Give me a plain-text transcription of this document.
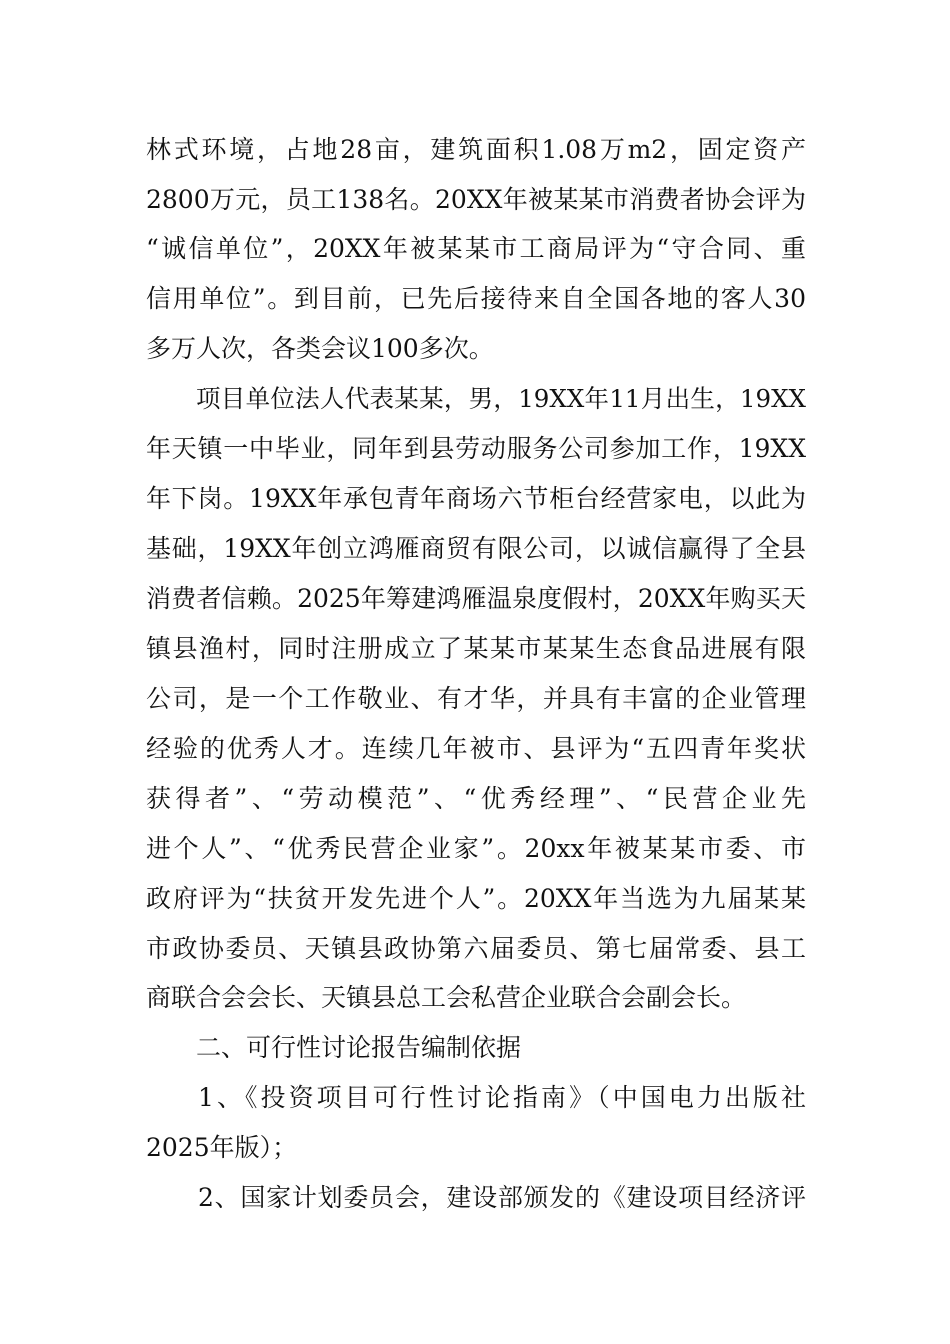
林式环境，占地28亩，建筑面积1.08万m2，固定资产
2800万元，员工138名。20XX年被某某市消费者协会评为
“诚信单位”，20XX年被某某市工商局评为“守合同、重
信用单位”。到目前，已先后接待来自全国各地的客人30
多万人次，各类会议100多次。
项目单位法人代表某某，男，19XX年11月出生，19XX
年天镇一中毕业，同年到县劳动服务公司参加工作，19XX
年下岗。19XX年承包青年商场六节柜台经营家电，以此为
基础，19XX年创立鸿雁商贸有限公司，以诚信赢得了全县
消费者信赖。2025年筹建鸿雁温泉度假村，20XX年购买天
镇县渔村，同时注册成立了某某市某某生态食品进展有限
公司，是一个工作敬业、有才华，并具有丰富的企业管理
经验的优秀人才。连续几年被市、县评为“五四青年奖状
获得者”、“劳动模范”、“优秀经理”、“民营企业先
进个人”、“优秀民营企业家”。20xx年被某某市委、市
政府评为“扶贫开发先进个人”。20XX年当选为九届某某
市政协委员、天镇县政协第六届委员、第七届常委、县工
商联合会会长、天镇县总工会私营企业联合会副会长。
二、可行性讨论报告编制依据
1、《投资项目可行性讨论指南》（中国电力出版社
2025年版）；
2、国家计划委员会，建设部颁发的《建设项目经济评
